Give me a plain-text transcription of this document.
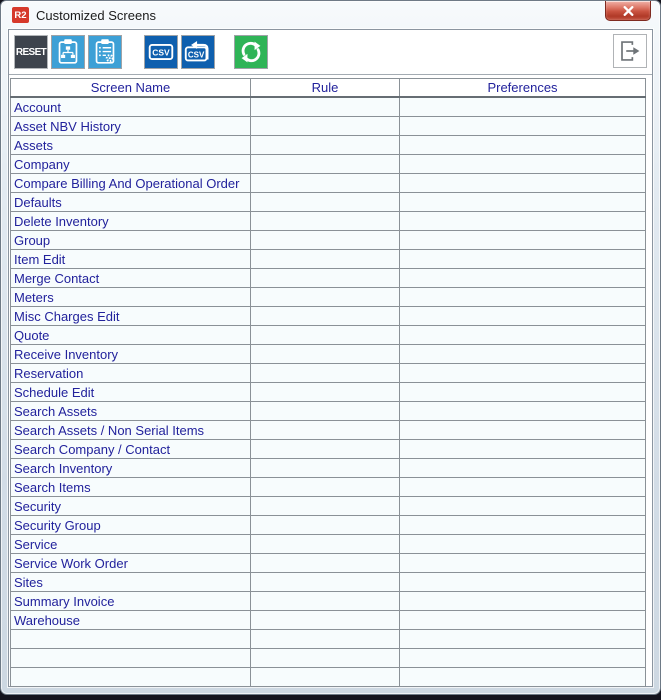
R2 Customized Screens
RESET	CSV CSV
Screen Name	Rule	Preferences
Account		
Asset NBV History		
Assets		
Company		
Compare Billing And Operational Order		
Defaults		
Delete Inventory		
Group		
Item Edit		
Merge Contact		
Meters		
Misc Charges Edit		
Quote		
Receive Inventory		
Reservation		
Schedule Edit		
Search Assets		
Search Assets / Non Serial Items		
Search Company / Contact		
Search Inventory		
Search Items		
Security		
Security Group		
Service		
Service Work Order		
Sites		
Summary Invoice		
Warehouse		
